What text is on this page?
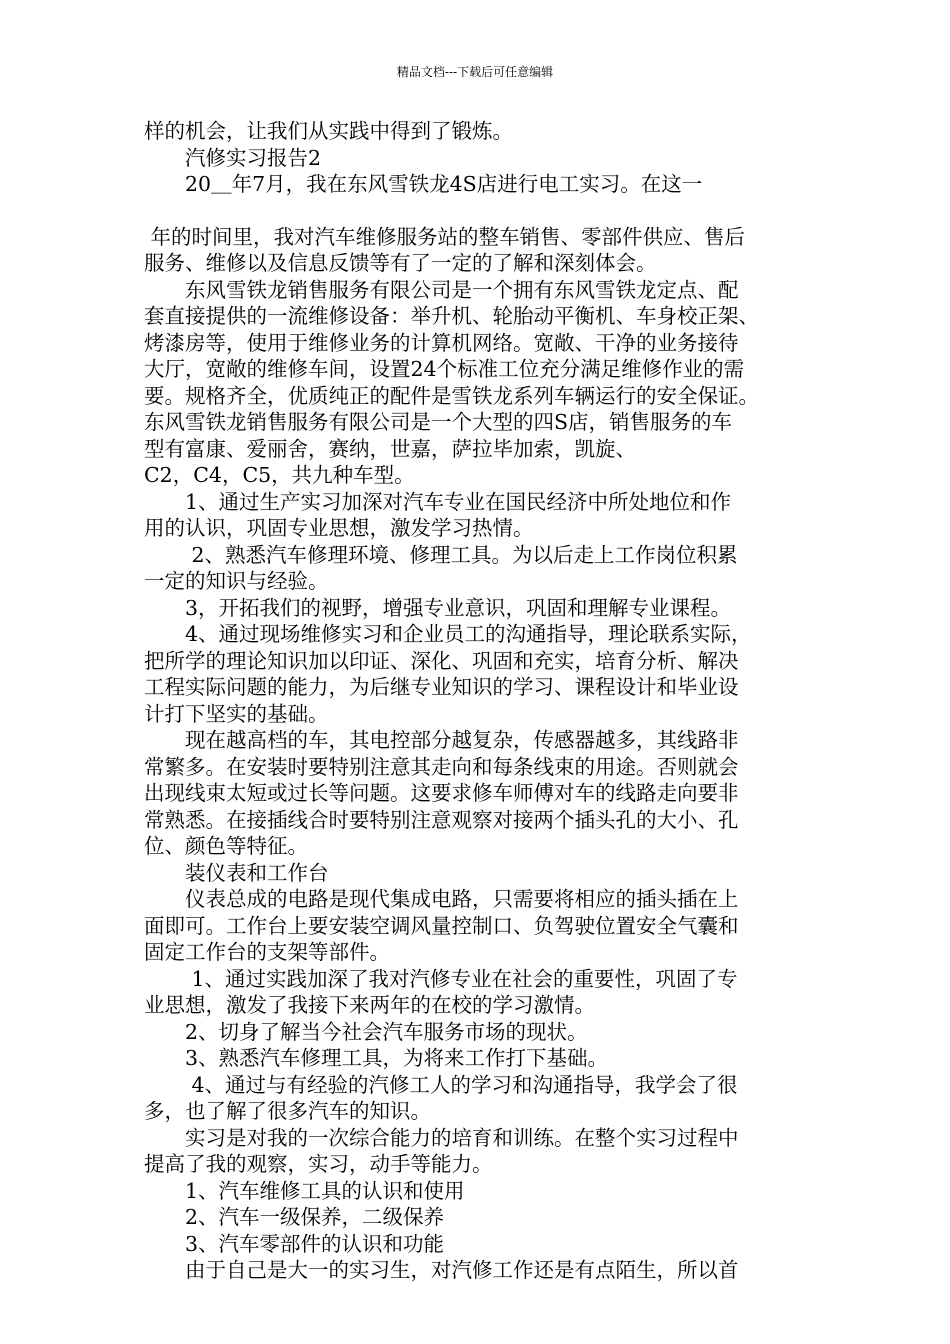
精品文档---下载后可任意编辑

样的机会，让我们从实践中得到了锻炼。

　　汽修实习报告2

　　20＿年7月，我在东风雪铁龙4S店进行电工实习。在这一

年的时间里，我对汽车维修服务站的整车销售、零部件供应、售后

服务、维修以及信息反馈等有了一定的了解和深刻体会。

　　东风雪铁龙销售服务有限公司是一个拥有东风雪铁龙定点、配

套直接提供的一流维修设备：举升机、轮胎动平衡机、车身校正架、

烤漆房等，使用于维修业务的计算机网络。宽敞、干净的业务接待

大厅，宽敞的维修车间，设置24个标准工位充分满足维修作业的需

要。规格齐全，优质纯正的配件是雪铁龙系列车辆运行的安全保证。

东风雪铁龙销售服务有限公司是一个大型的四S店，销售服务的车

型有富康、爱丽舍，赛纳，世嘉，萨拉毕加索，凯旋、

C2，C4，C5，共九种车型。

　　1、通过生产实习加深对汽车专业在国民经济中所处地位和作

用的认识，巩固专业思想，激发学习热情。

　　 2、熟悉汽车修理环境、修理工具。为以后走上工作岗位积累

一定的知识与经验。

　　3，开拓我们的视野，增强专业意识，巩固和理解专业课程。

　　4、通过现场维修实习和企业员工的沟通指导，理论联系实际，

把所学的理论知识加以印证、深化、巩固和充实，培育分析、解决

工程实际问题的能力，为后继专业知识的学习、课程设计和毕业设

计打下坚实的基础。

　　现在越高档的车，其电控部分越复杂，传感器越多，其线路非

常繁多。在安装时要特别注意其走向和每条线束的用途。否则就会

出现线束太短或过长等问题。这要求修车师傅对车的线路走向要非

常熟悉。在接插线合时要特别注意观察对接两个插头孔的大小、孔

位、颜色等特征。

　　装仪表和工作台

　　仪表总成的电路是现代集成电路，只需要将相应的插头插在上

面即可。工作台上要安装空调风量控制口、负驾驶位置安全气囊和

固定工作台的支架等部件。

　　 1、通过实践加深了我对汽修专业在社会的重要性，巩固了专

业思想，激发了我接下来两年的在校的学习激情。

　　2、切身了解当今社会汽车服务市场的现状。

　　3、熟悉汽车修理工具，为将来工作打下基础。

　　 4、通过与有经验的汽修工人的学习和沟通指导，我学会了很

多，也了解了很多汽车的知识。

　　实习是对我的一次综合能力的培育和训练。在整个实习过程中

提高了我的观察，实习，动手等能力。

　　1、汽车维修工具的认识和使用

　　2、汽车一级保养，二级保养

　　3、汽车零部件的认识和功能

　　由于自己是大一的实习生，对汽修工作还是有点陌生，所以首
